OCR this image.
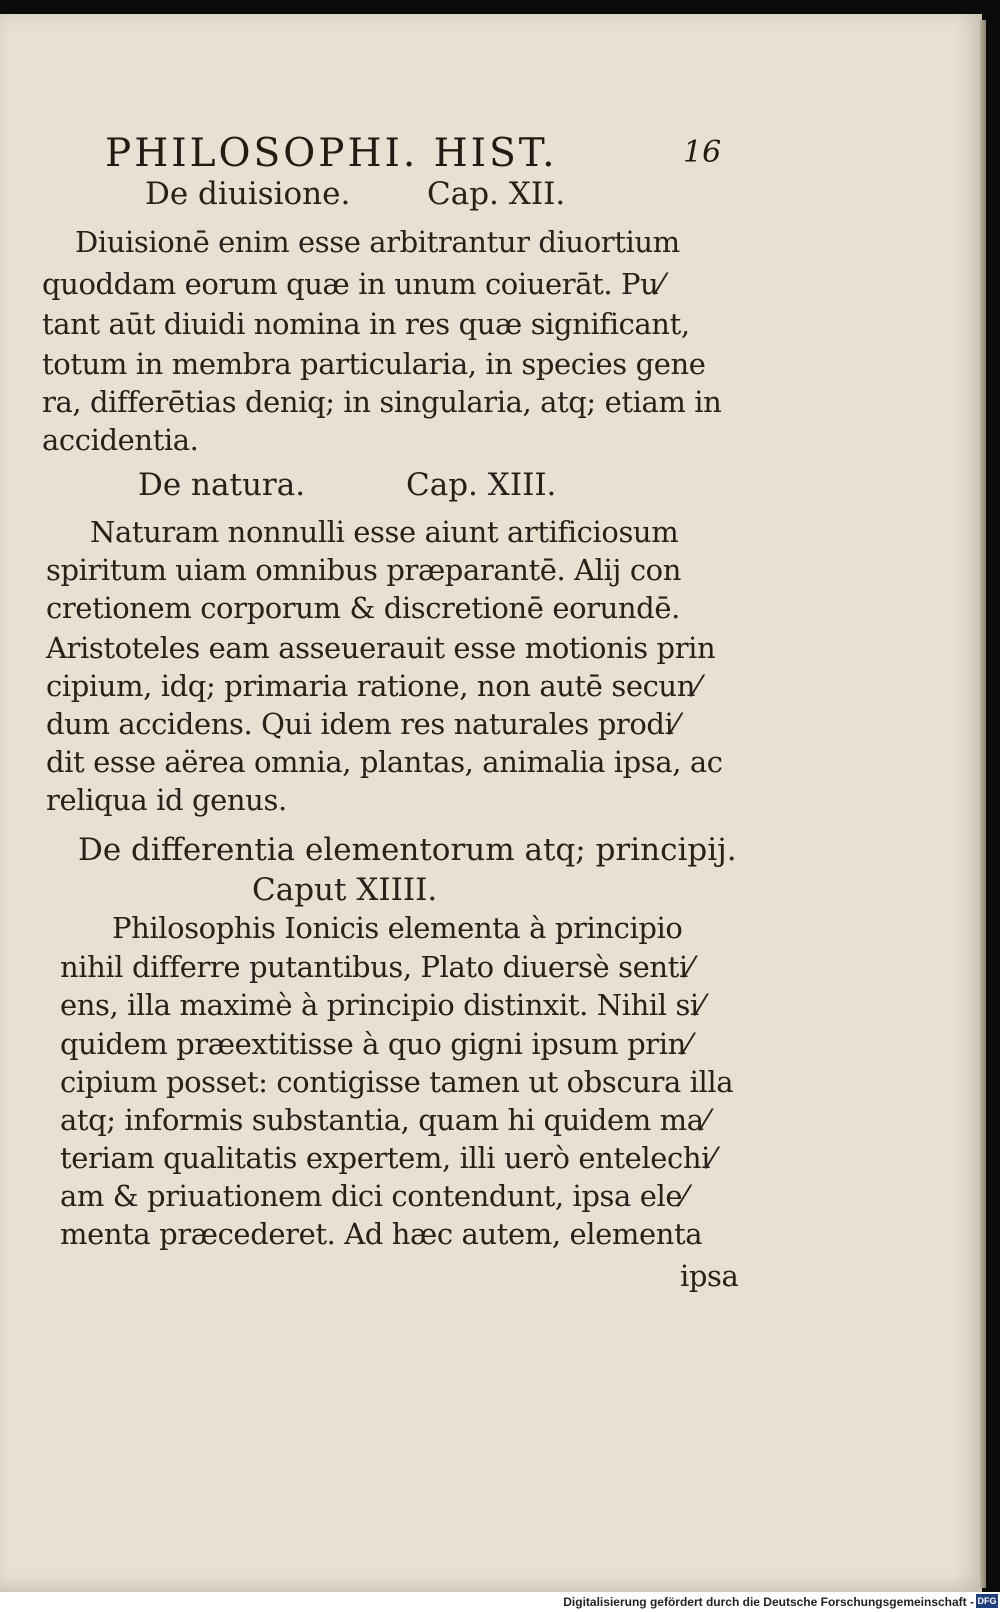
PHILOSOPHI. HIST.	16
De diuisione. Cap. XII.
Diuisionē enim esse arbitrantur diuortium
quoddam eorum quæ in unum coiuerāt. Pu⁄
tant aūt diuidi nomina in res quæ significant,
totum in membra particularia, in species gene
ra, differētias deniq; in singularia, atq; etiam in
accidentia.
De natura.	Cap. XIII.
Naturam nonnulli esse aiunt artificiosum
spiritum uiam omnibus præparantē. Alij con
cretionem corporum & discretionē eorundē.
Aristoteles eam asseuerauit esse motionis prin
cipium, idq; primaria ratione, non autē secun⁄
dum accidens. Qui idem res naturales prodi⁄
dit esse aërea omnia, plantas, animalia ipsa, ac
reliqua id genus.
De differentia elementorum atq; principij.
Caput XIIII.
Philosophis Ionicis elementa à principio
nihil differre putantibus, Plato diuersè senti⁄
ens, illa maximè à principio distinxit. Nihil si⁄
quidem præextitisse à quo gigni ipsum prin⁄
cipium posset: contigisse tamen ut obscura illa
atq; informis substantia, quam hi quidem ma⁄
teriam qualitatis expertem, illi uerò entelechi⁄
am & priuationem dici contendunt, ipsa ele⁄
menta præcederet. Ad hæc autem, elementa
ipsa
Digitalisierung gefördert durch die Deutsche Forschungsgemeinschaft - DFG
